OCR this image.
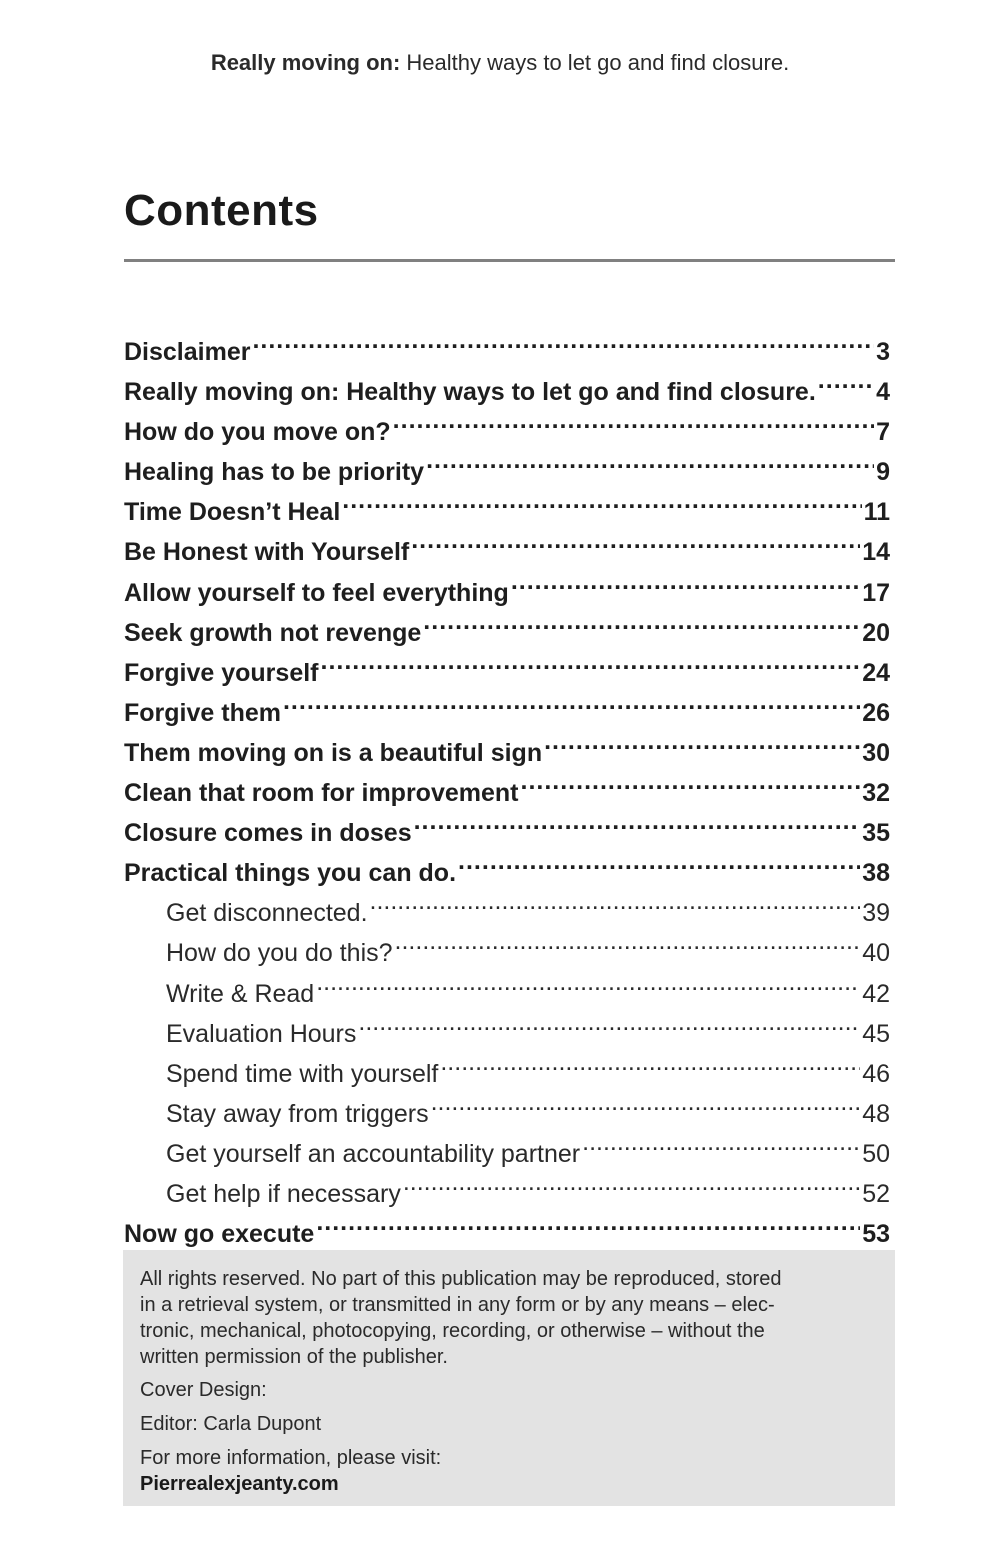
Really moving on: Healthy ways to let go and find closure.
Contents
Disclaimer .....	3
Really moving on: Healthy ways to let go and find closure. ..... 4
How do you move on? .....	7
Healing has to be priority .....	9
Time Doesn’t Heal .....	11
Be Honest with Yourself .....	14
Allow yourself to feel everything .....	17
Seek growth not revenge .....	20
Forgive yourself .....	24
Forgive them .....	26
Them moving on is a beautiful sign .....	30
Clean that room for improvement .....	32
Closure comes in doses .....	35
Practical things you can do. .....	38
Get disconnected. .....	39
How do you do this? .....	40
Write & Read .....	42
Evaluation Hours .....	45
Spend time with yourself .....	46
Stay away from triggers .....	48
Get yourself an accountability partner .....	50
Get help if necessary .....	52
Now go execute .....	53

All rights reserved. No part of this publication may be reproduced, stored

in a retrieval system, or transmitted in any form or by any means – elec-

tronic, mechanical, photocopying, recording, or otherwise – without the

written permission of the publisher.

Cover Design:

Editor: Carla Dupont

For more information, please visit:

Pierrealexjeanty.com
